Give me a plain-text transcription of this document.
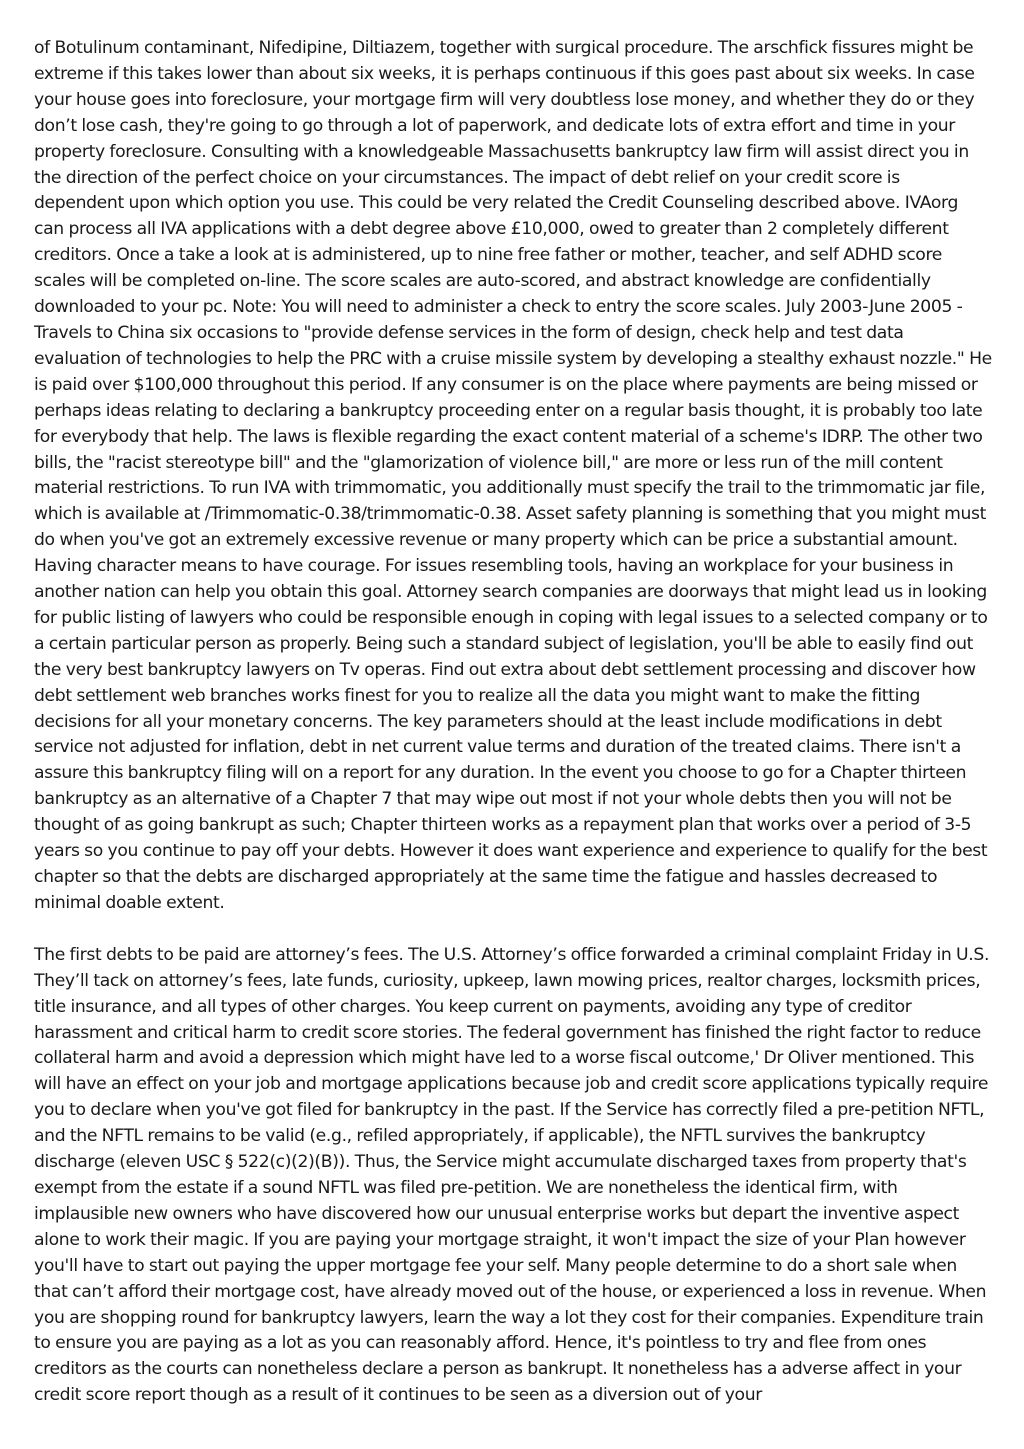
of Botulinum contaminant, Nifedipine, Diltiazem, together with surgical procedure. The arschfick fissures might be extreme if this takes lower than about six weeks, it is perhaps continuous if this goes past about six weeks. In case your house goes into foreclosure, your mortgage firm will very doubtless lose money, and whether they do or they don’t lose cash, they're going to go through a lot of paperwork, and dedicate lots of extra effort and time in your property foreclosure. Consulting with a knowledgeable Massachusetts bankruptcy law firm will assist direct you in the direction of the perfect choice on your circumstances. The impact of debt relief on your credit score is dependent upon which option you use. This could be very related the Credit Counseling described above. IVAorg can process all IVA applications with a debt degree above £10,000, owed to greater than 2 completely different creditors. Once a take a look at is administered, up to nine free father or mother, teacher, and self ADHD score scales will be completed on-line. The score scales are auto-scored, and abstract knowledge are confidentially downloaded to your pc. Note: You will need to administer a check to entry the score scales. July 2003-June 2005 - Travels to China six occasions to "provide defense services in the form of design, check help and test data evaluation of technologies to help the PRC with a cruise missile system by developing a stealthy exhaust nozzle." He is paid over $100,000 throughout this period. If any consumer is on the place where payments are being missed or perhaps ideas relating to declaring a bankruptcy proceeding enter on a regular basis thought, it is probably too late for everybody that help. The laws is flexible regarding the exact content material of a scheme's IDRP. The other two bills, the "racist stereotype bill" and the "glamorization of violence bill," are more or less run of the mill content material restrictions. To run IVA with trimmomatic, you additionally must specify the trail to the trimmomatic jar file, which is available at /Trimmomatic-0.38/trimmomatic-0.38. Asset safety planning is something that you might must do when you've got an extremely excessive revenue or many property which can be price a substantial amount. Having character means to have courage. For issues resembling tools, having an workplace for your business in another nation can help you obtain this goal. Attorney search companies are doorways that might lead us in looking for public listing of lawyers who could be responsible enough in coping with legal issues to a selected company or to a certain particular person as properly. Being such a standard subject of legislation, you'll be able to easily find out the very best bankruptcy lawyers on Tv operas. Find out extra about debt settlement processing and discover how debt settlement web branches works finest for you to realize all the data you might want to make the fitting decisions for all your monetary concerns. The key parameters should at the least include modifications in debt service not adjusted for inflation, debt in net current value terms and duration of the treated claims. There isn't a assure this bankruptcy filing will on a report for any duration. In the event you choose to go for a Chapter thirteen bankruptcy as an alternative of a Chapter 7 that may wipe out most if not your whole debts then you will not be thought of as going bankrupt as such; Chapter thirteen works as a repayment plan that works over a period of 3-5 years so you continue to pay off your debts. However it does want experience and experience to qualify for the best chapter so that the debts are discharged appropriately at the same time the fatigue and hassles decreased to minimal doable extent.

The first debts to be paid are attorney’s fees. The U.S. Attorney’s office forwarded a criminal complaint Friday in U.S. They’ll tack on attorney’s fees, late funds, curiosity, upkeep, lawn mowing prices, realtor charges, locksmith prices, title insurance, and all types of other charges. You keep current on payments, avoiding any type of creditor harassment and critical harm to credit score stories. The federal government has finished the right factor to reduce collateral harm and avoid a depression which might have led to a worse fiscal outcome,' Dr Oliver mentioned. This will have an effect on your job and mortgage applications because job and credit score applications typically require you to declare when you've got filed for bankruptcy in the past. If the Service has correctly filed a pre-petition NFTL, and the NFTL remains to be valid (e.g., refiled appropriately, if applicable), the NFTL survives the bankruptcy discharge (eleven USC § 522(c)(2)(B)). Thus, the Service might accumulate discharged taxes from property that's exempt from the estate if a sound NFTL was filed pre-petition. We are nonetheless the identical firm, with implausible new owners who have discovered how our unusual enterprise works but depart the inventive aspect alone to work their magic. If you are paying your mortgage straight, it won't impact the size of your Plan however you'll have to start out paying the upper mortgage fee your self. Many people determine to do a short sale when that can’t afford their mortgage cost, have already moved out of the house, or experienced a loss in revenue. When you are shopping round for bankruptcy lawyers, learn the way a lot they cost for their companies. Expenditure train to ensure you are paying as a lot as you can reasonably afford. Hence, it's pointless to try and flee from ones creditors as the courts can nonetheless declare a person as bankrupt. It nonetheless has a adverse affect in your credit score report though as a result of it continues to be seen as a diversion out of your
